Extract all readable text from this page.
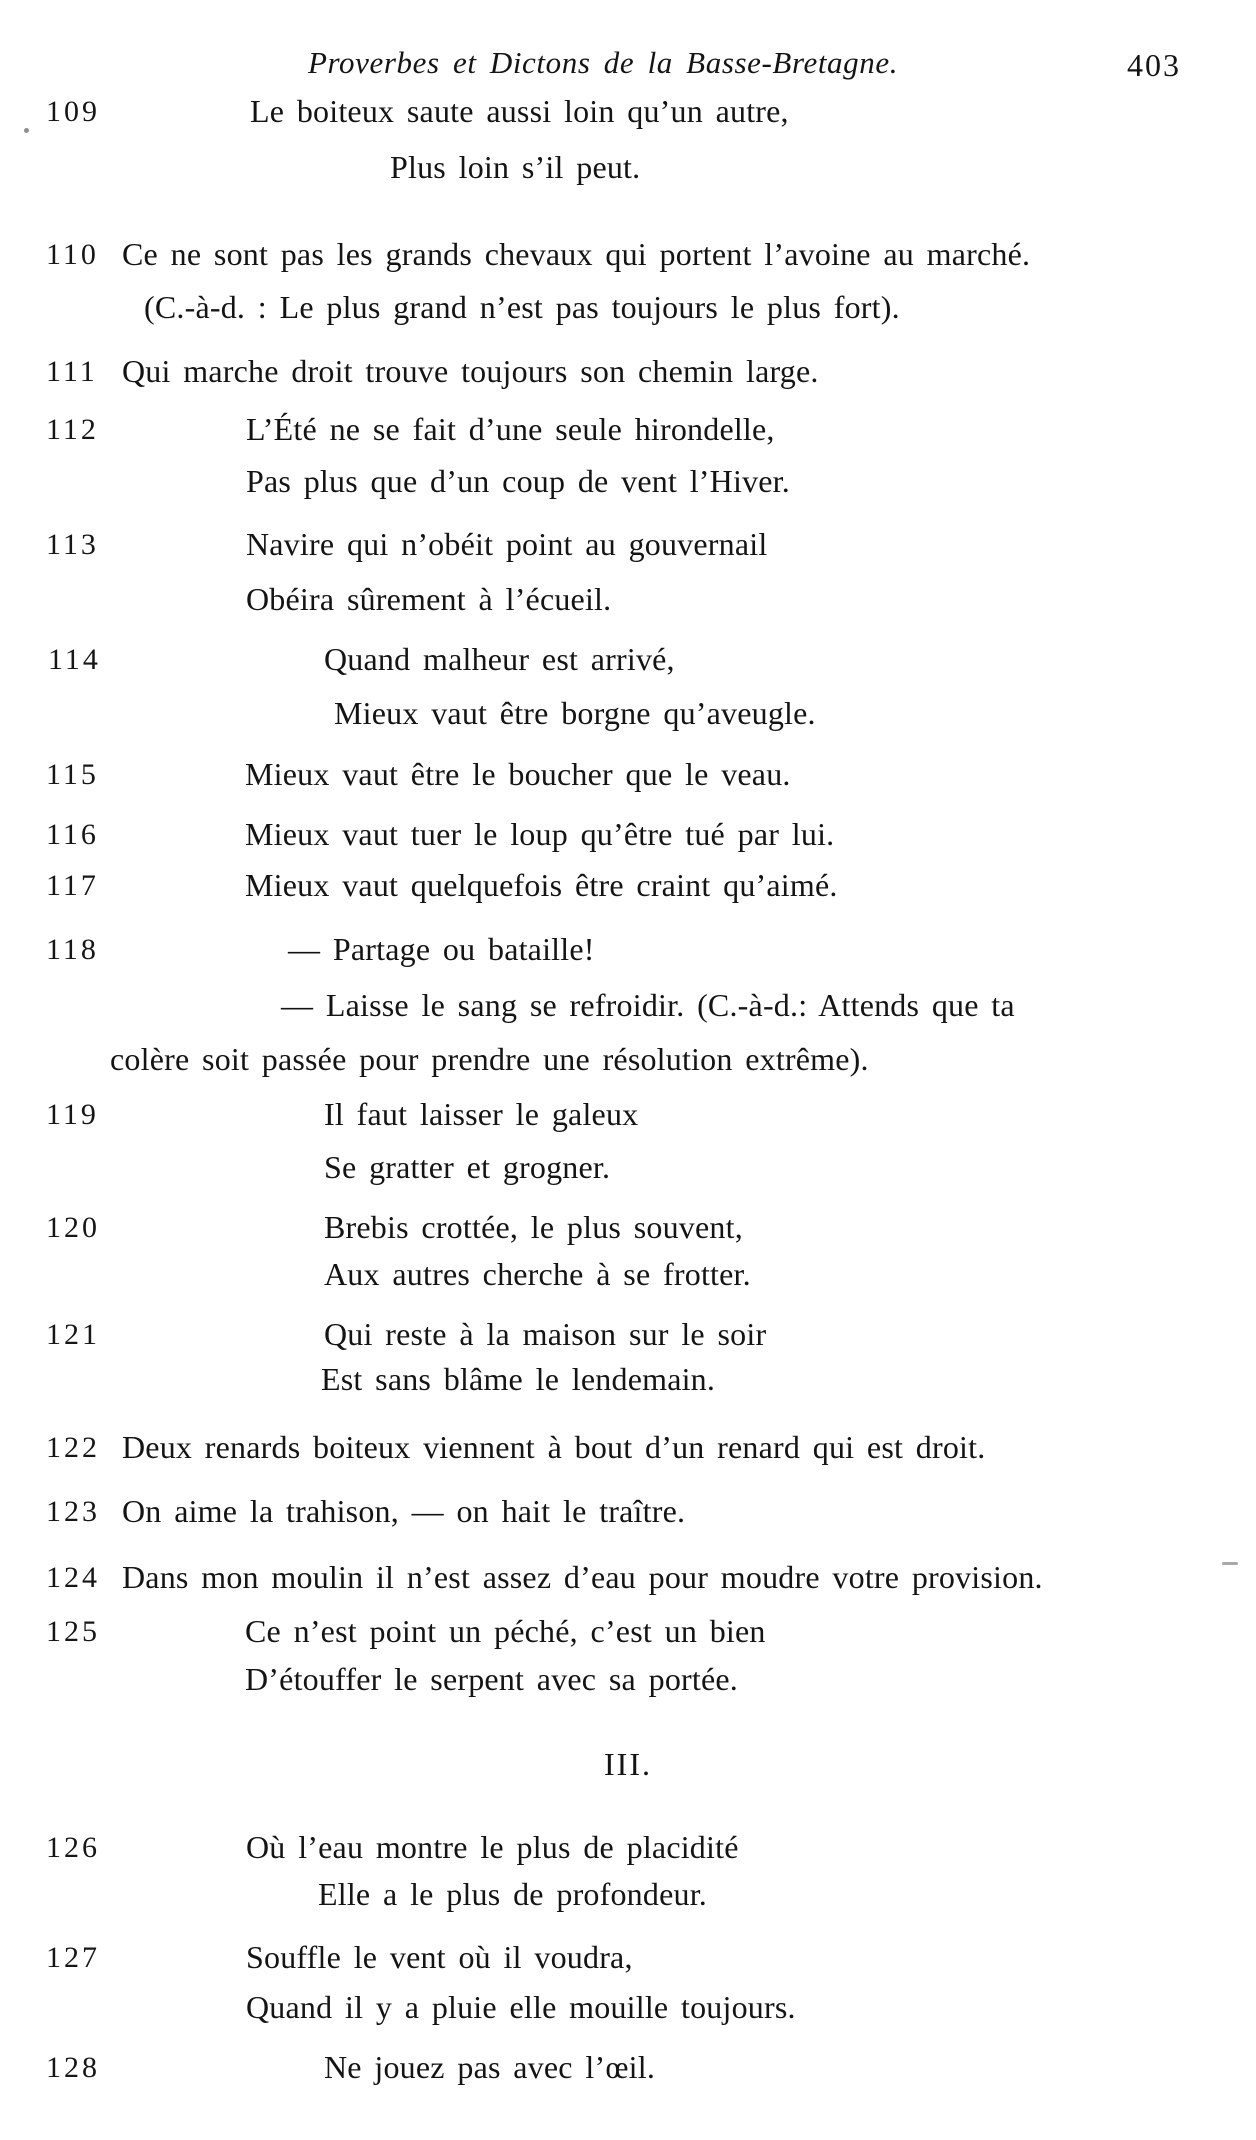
Proverbes et Dictons de la Basse-Bretagne.	403
109	Le boiteux saute aussi loin qu’un autre,
Plus loin s’il peut.
110 Ce ne sont pas les grands chevaux qui portent l’avoine au marché.
(C.-à-d. : Le plus grand n’est pas toujours le plus fort).
111 Qui marche droit trouve toujours son chemin large.
112	L’Été ne se fait d’une seule hirondelle,
Pas plus que d’un coup de vent l’Hiver.
113	Navire qui n’obéit point au gouvernail
Obéira sûrement à l’écueil.
114	Quand malheur est arrivé,
Mieux vaut être borgne qu’aveugle.
115	Mieux vaut être le boucher que le veau.
116	Mieux vaut tuer le loup qu’être tué par lui.
117	Mieux vaut quelquefois être craint qu’aimé.
118	— Partage ou bataille!
— Laisse le sang se refroidir. (C.-à-d.: Attends que ta
colère soit passée pour prendre une résolution extrême).
119	Il faut laisser le galeux
Se gratter et grogner.
120	Brebis crottée, le plus souvent,
Aux autres cherche à se frotter.
121	Qui reste à la maison sur le soir
Est sans blâme le lendemain.
122 Deux renards boiteux viennent à bout d’un renard qui est droit.
123 On aime la trahison, — on hait le traître.
124 Dans mon moulin il n’est assez d’eau pour moudre votre provision.
125	Ce n’est point un péché, c’est un bien
D’étouffer le serpent avec sa portée.
III.
126	Où l’eau montre le plus de placidité
Elle a le plus de profondeur.
127	Souffle le vent où il voudra,
Quand il y a pluie elle mouille toujours.
128	Ne jouez pas avec l’œil.
